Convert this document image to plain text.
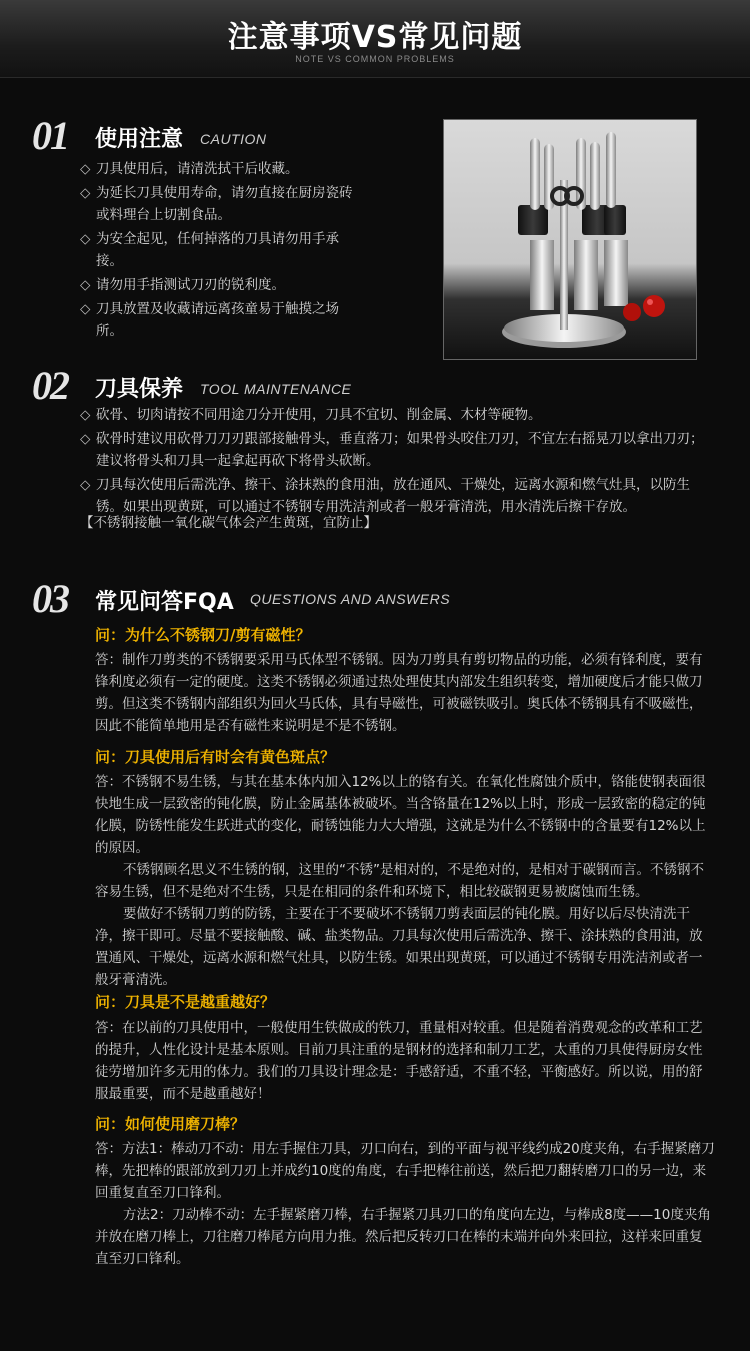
注意事项VS常见问题
NOTE VS COMMON PROBLEMS
01 使用注意 CAUTION
◇ 刀具使用后，请清洗拭干后收藏。
◇ 为延长刀具使用寿命，请勿直接在厨房瓷砖或料理台上切割食品。
◇ 为安全起见，任何掉落的刀具请勿用手承接。
◇ 请勿用手指测试刀刃的锐利度。
◇ 刀具放置及收藏请远离孩童易于触摸之场所。
02 刀具保养 TOOL MAINTENANCE
◇ 砍骨、切肉请按不同用途刀分开使用，刀具不宜切、削金属、木材等硬物。
◇ 砍骨时建议用砍骨刀刀刃跟部接触骨头，垂直落刀；如果骨头咬住刀刃，不宜左右摇晃刀以拿出刀刃；建议将骨头和刀具一起拿起再砍下将骨头砍断。
◇ 刀具每次使用后需洗净、擦干、涂抹熟的食用油，放在通风、干燥处，远离水源和燃气灶具，以防生锈。如果出现黄斑，可以通过不锈钢专用洗洁剂或者一般牙膏清洗，用水清洗后擦干存放。
【不锈钢接触一氧化碳气体会产生黄斑，宜防止】
03 常见问答FQA QUESTIONS AND ANSWERS
问：为什么不锈钢刀/剪有磁性？

答：制作刀剪类的不锈钢要采用马氏体型不锈钢。因为刀剪具有剪切物品的功能，必须有锋利度，要有锋利度必须有一定的硬度。这类不锈钢必须通过热处理使其内部发生组织转变，增加硬度后才能只做刀剪。但这类不锈钢内部组织为回火马氏体，具有导磁性，可被磁铁吸引。奥氏体不锈钢具有不吸磁性，因此不能简单地用是否有磁性来说明是不是不锈钢。

问：刀具使用后有时会有黄色斑点？

答：不锈钢不易生锈，与其在基本体内加入12%以上的铬有关。在氧化性腐蚀介质中，铬能使钢表面很快地生成一层致密的钝化膜，防止金属基体被破坏。当含铬量在12%以上时，形成一层致密的稳定的钝化膜，防锈性能发生跃进式的变化，耐锈蚀能力大大增强，这就是为什么不锈钢中的含量要有12%以上的原因。

不锈钢顾名思义不生锈的钢，这里的“不锈”是相对的，不是绝对的，是相对于碳钢而言。不锈钢不容易生锈，但不是绝对不生锈，只是在相同的条件和环境下，相比较碳钢更易被腐蚀而生锈。

要做好不锈钢刀剪的防锈，主要在于不要破坏不锈钢刀剪表面层的钝化膜。用好以后尽快清洗干净，擦干即可。尽量不要接触酸、碱、盐类物品。刀具每次使用后需洗净、擦干、涂抹熟的食用油，放置通风、干燥处，远离水源和燃气灶具，以防生锈。如果出现黄斑，可以通过不锈钢专用洗洁剂或者一般牙膏清洗。

问：刀具是不是越重越好？

答：在以前的刀具使用中，一般使用生铁做成的铁刀，重量相对较重。但是随着消费观念的改革和工艺的提升，人性化设计是基本原则。目前刀具注重的是钢材的选择和制刀工艺，太重的刀具使得厨房女性徒劳增加许多无用的体力。我们的刀具设计理念是：手感舒适，不重不轻，平衡感好。所以说，用的舒服最重要，而不是越重越好！

问：如何使用磨刀棒？

答：方法1：棒动刀不动：用左手握住刀具，刃口向右，到的平面与视平线约成20度夹角，右手握紧磨刀棒，先把棒的跟部放到刀刃上并成约10度的角度，右手把棒往前送，然后把刀翻转磨刀口的另一边，来回重复直至刀口锋利。

方法2：刀动棒不动：左手握紧磨刀棒，右手握紧刀具刃口的角度向左边，与棒成8度——10度夹角并放在磨刀棒上，刀往磨刀棒尾方向用力推。然后把反转刃口在棒的末端并向外来回拉，这样来回重复直至刃口锋利。
